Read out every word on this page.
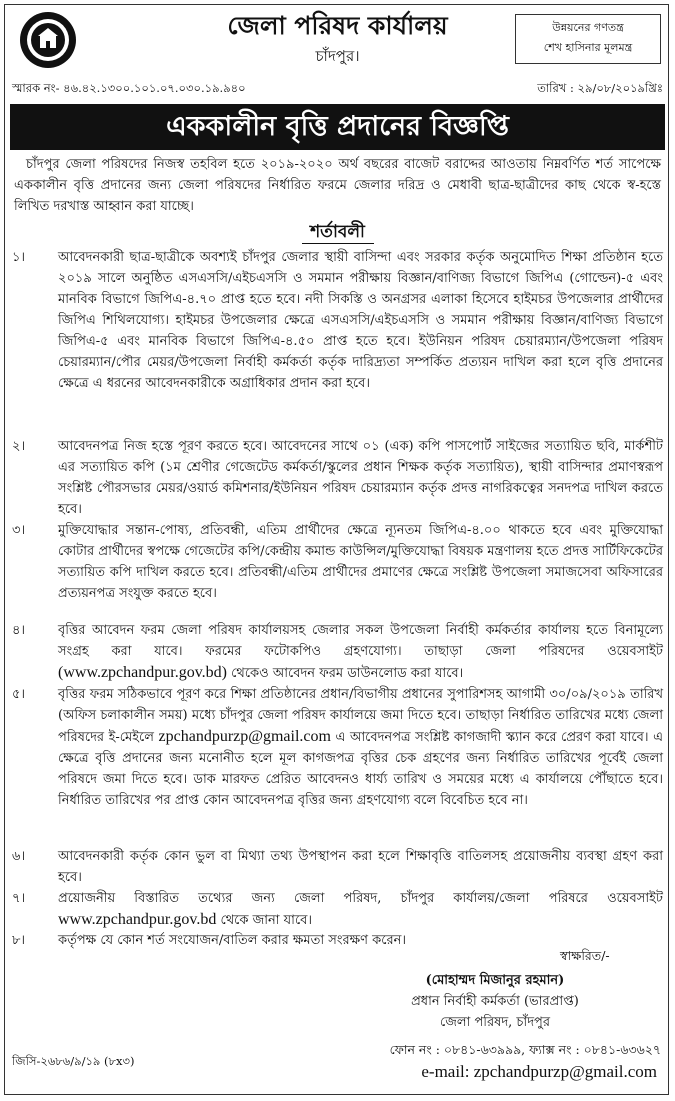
জেলা পরিষদ কার্যালয়
চাঁদপুর।
উন্নয়নের গণতন্ত্র
শেখ হাসিনার মূলমন্ত্র
স্মারক নং- ৪৬.৪২.১৩০০.১০১.০৭.০৩০.১৯.৯৪০	তারিখ : ২৯/০৮/২০১৯খ্রিঃ
এককালীন বৃত্তি প্রদানের বিজ্ঞপ্তি

চাঁদপুর জেলা পরিষদের নিজস্ব তহবিল হতে ২০১৯-২০২০ অর্থ বছরের বাজেট বরাদ্দের আওতায় নিম্নবর্ণিত শর্ত সাপেক্ষে এককালীন বৃত্তি প্রদানের জন্য জেলা পরিষদের নির্ধারিত ফরমে জেলার দরিদ্র ও মেধাবী ছাত্র-ছাত্রীদের কাছ থেকে স্ব-হস্তে লিখিত দরখাস্ত আহ্বান করা যাচ্ছে।

শর্তাবলী
১।	আবেদনকারী ছাত্র-ছাত্রীকে অবশ্যই চাঁদপুর জেলার স্থায়ী বাসিন্দা এবং সরকার কর্তৃক অনুমোদিত শিক্ষা প্রতিষ্ঠান হতে ২০১৯ সালে অনুষ্ঠিত এসএসসি/এইচএসসি ও সমমান পরীক্ষায় বিজ্ঞান/বাণিজ্য বিভাগে জিপিএ (গোল্ডেন)-৫ এবং মানবিক বিভাগে জিপিএ-৪.৭০ প্রাপ্ত হতে হবে। নদী সিকস্তি ও অনগ্রসর এলাকা হিসেবে হাইমচর উপজেলার প্রার্থীদের জিপিএ শিথিলযোগ্য। হাইমচর উপজেলার ক্ষেত্রে এসএসসি/এইচএসসি ও সমমান পরীক্ষায় বিজ্ঞান/বাণিজ্য বিভাগে জিপিএ-৫ এবং মানবিক বিভাগে জিপিএ-৪.৫০ প্রাপ্ত হতে হবে। ইউনিয়ন পরিষদ চেয়ারম্যান/উপজেলা পরিষদ চেয়ারম্যান/পৌর মেয়র/উপজেলা নির্বাহী কর্মকর্তা কর্তৃক দারিদ্র্যতা সম্পর্কিত প্রত্যয়ন দাখিল করা হলে বৃত্তি প্রদানের ক্ষেত্রে এ ধরনের আবেদনকারীকে অগ্রাধিকার প্রদান করা হবে।

২।	আবেদনপত্র নিজ হস্তে পূরণ করতে হবে। আবেদনের সাথে ০১ (এক) কপি পাসপোর্ট সাইজের সত্যায়িত ছবি, মার্কশীট এর সত্যায়িত কপি (১ম শ্রেণীর গেজেটেড কর্মকর্তা/স্কুলের প্রধান শিক্ষক কর্তৃক সত্যায়িত), স্থায়ী বাসিন্দার প্রমাণস্বরূপ সংশ্লিষ্ট পৌরসভার মেয়র/ওয়ার্ড কমিশনার/ইউনিয়ন পরিষদ চেয়ারম্যান কর্তৃক প্রদত্ত নাগরিকত্বের সনদপত্র দাখিল করতে হবে।

৩।	মুক্তিযোদ্ধার সন্তান-পোষ্য, প্রতিবন্ধী, এতিম প্রার্থীদের ক্ষেত্রে ন্যূনতম জিপিএ-৪.০০ থাকতে হবে এবং মুক্তিযোদ্ধা কোটার প্রার্থীদের স্বপক্ষে গেজেটের কপি/কেন্দ্রীয় কমান্ড কাউন্সিল/মুক্তিযোদ্ধা বিষয়ক মন্ত্রণালয় হতে প্রদত্ত সার্টিফিকেটের সত্যায়িত কপি দাখিল করতে হবে। প্রতিবন্ধী/এতিম প্রার্থীদের প্রমাণের ক্ষেত্রে সংশ্লিষ্ট উপজেলা সমাজসেবা অফিসারের প্রত্যয়নপত্র সংযুক্ত করতে হবে।

৪।	বৃত্তির আবেদন ফরম জেলা পরিষদ কার্যালয়সহ জেলার সকল উপজেলা নির্বাহী কর্মকর্তার কার্যালয় হতে বিনামূল্যে সংগ্রহ করা যাবে। ফরমের ফটোকপিও গ্রহণযোগ্য। তাছাড়া জেলা পরিষদের ওয়েবসাইট (www.zpchandpur.gov.bd) থেকেও আবেদন ফরম ডাউনলোড করা যাবে।

৫।	বৃত্তির ফরম সঠিকভাবে পূরণ করে শিক্ষা প্রতিষ্ঠানের প্রধান/বিভাগীয় প্রধানের সুপারিশসহ আগামী ৩০/০৯/২০১৯ তারিখ (অফিস চলাকালীন সময়) মধ্যে চাঁদপুর জেলা পরিষদ কার্যালয়ে জমা দিতে হবে। তাছাড়া নির্ধারিত তারিখের মধ্যে জেলা পরিষদের ই-মেইলে zpchandpurzp@gmail.com এ আবেদনপত্র সংশ্লিষ্ট কাগজাদী স্ক্যান করে প্রেরণ করা যাবে। এ ক্ষেত্রে বৃত্তি প্রদানের জন্য মনোনীত হলে মূল কাগজপত্র বৃত্তির চেক গ্রহণের জন্য নির্ধারিত তারিখের পূর্বেই জেলা পরিষদে জমা দিতে হবে। ডাক মারফত প্রেরিত আবেদনও ধার্য্য তারিখ ও সময়ের মধ্যে এ কার্যালয়ে পৌঁছাতে হবে। নির্ধারিত তারিখের পর প্রাপ্ত কোন আবেদনপত্র বৃত্তির জন্য গ্রহণযোগ্য বলে বিবেচিত হবে না।

৬।	আবেদনকারী কর্তৃক কোন ভুল বা মিথ্যা তথ্য উপস্থাপন করা হলে শিক্ষাবৃত্তি বাতিলসহ প্রয়োজনীয় ব্যবস্থা গ্রহণ করা হবে।

৭।	প্রয়োজনীয় বিস্তারিত তথ্যের জন্য জেলা পরিষদ, চাঁদপুর কার্যালয়/জেলা পরিষরে ওয়েবসাইট www.zpchandpur.gov.bd থেকে জানা যাবে।

৮।	কর্তৃপক্ষ যে কোন শর্ত সংযোজন/বাতিল করার ক্ষমতা সংরক্ষণ করেন।

স্বাক্ষরিত/-
(মোহাম্মদ মিজানুর রহমান)
প্রধান নির্বাহী কর্মকর্তা (ভারপ্রাপ্ত)
জেলা পরিষদ, চাঁদপুর
ফোন নং : ০৮৪১-৬৩৯৯৯, ফ্যাক্স নং : ০৮৪১-৬৩৬২৭
e-mail: zpchandpurzp@gmail.com
জিসি-২৬৮৬/৯/১৯ (৮x৩)
